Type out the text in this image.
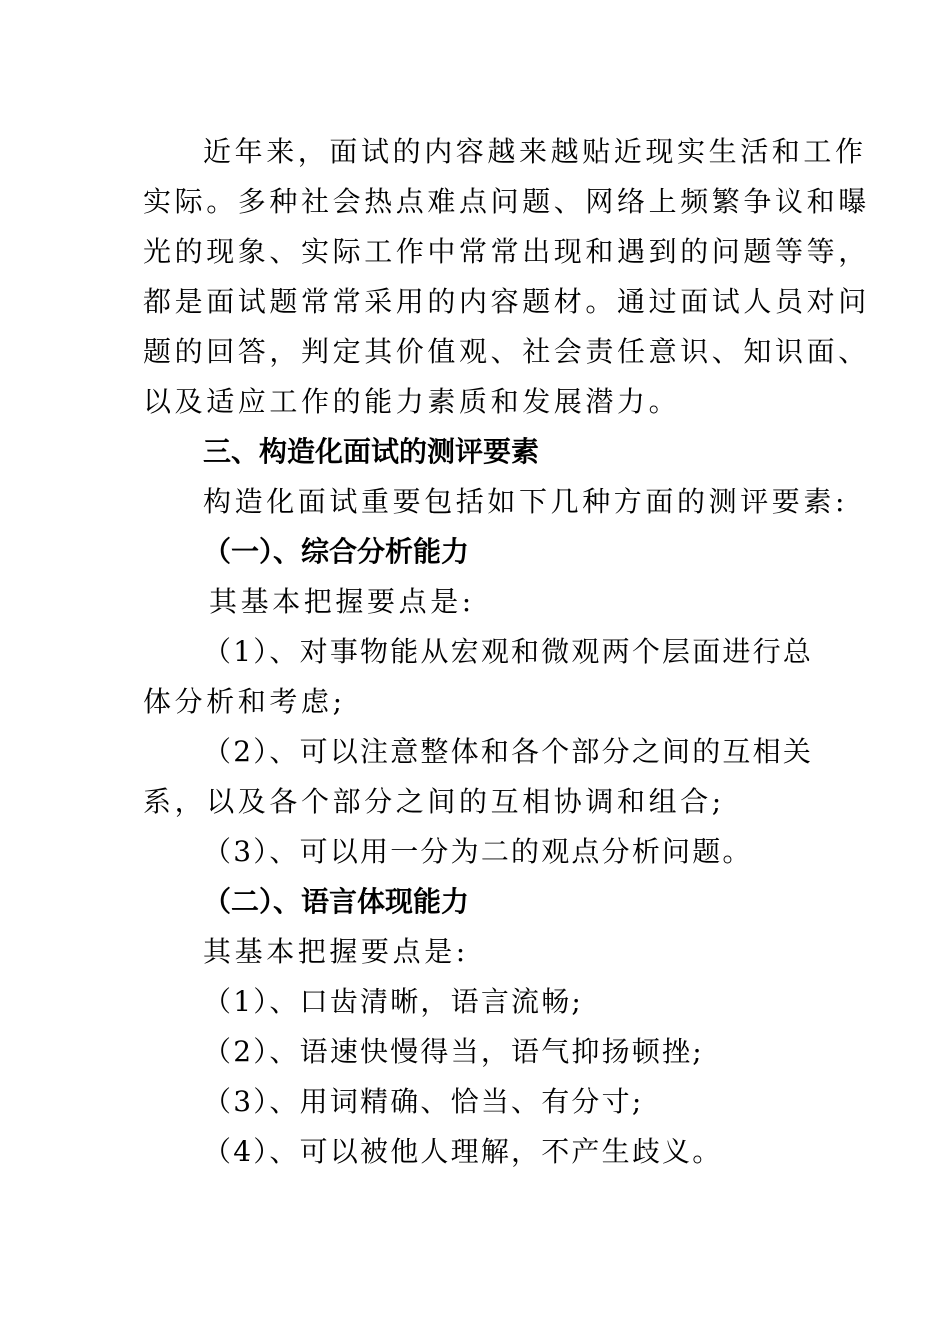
近年来，面试的内容越来越贴近现实生活和工作
实际。多种社会热点难点问题、网络上频繁争议和曝
光的现象、实际工作中常常出现和遇到的问题等等，
都是面试题常常采用的内容题材。通过面试人员对问
题的回答，判定其价值观、社会责任意识、知识面、
以及适应工作的能力素质和发展潜力。
三、构造化面试的测评要素
构造化面试重要包括如下几种方面的测评要素:
（一）、综合分析能力
其基本把握要点是:
（1）、对事物能从宏观和微观两个层面进行总
体分析和考虑;
（2）、可以注意整体和各个部分之间的互相关
系，以及各个部分之间的互相协调和组合;
（3）、可以用一分为二的观点分析问题。
（二）、语言体现能力
其基本把握要点是:
（1）、口齿清晰，语言流畅;
（2）、语速快慢得当，语气抑扬顿挫;
（3）、用词精确、恰当、有分寸;
（4）、可以被他人理解，不产生歧义。
